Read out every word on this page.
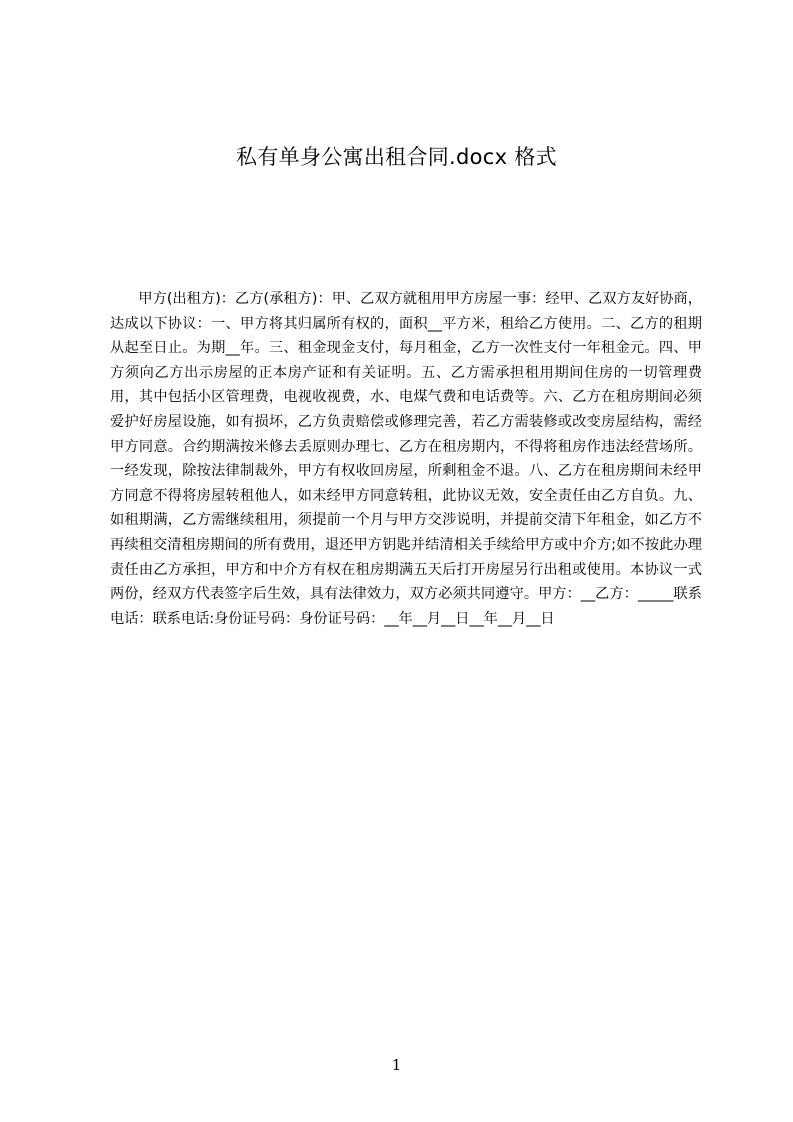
私有单身公寓出租合同.docx 格式

甲方(出租方)：乙方(承租方)：甲、乙双方就租用甲方房屋一事：经甲、乙双方友好协商，达成以下协议：一、甲方将其归属所有权的，面积__平方米，租给乙方使用。二、乙方的租期从起至日止。为期__年。三、租金现金支付，每月租金，乙方一次性支付一年租金元。四、甲方须向乙方出示房屋的正本房产证和有关证明。五、乙方需承担租用期间住房的一切管理费用，其中包括小区管理费，电视收视费，水、电煤气费和电话费等。六、乙方在租房期间必须爱护好房屋设施，如有损坏，乙方负责赔偿或修理完善，若乙方需装修或改变房屋结构，需经甲方同意。合约期满按米修去丢原则办理七、乙方在租房期内，不得将租房作违法经营场所。一经发现，除按法律制裁外，甲方有权收回房屋，所剩租金不退。八、乙方在租房期间未经甲方同意不得将房屋转租他人，如未经甲方同意转租，此协议无效，安全责任由乙方自负。九、如租期满，乙方需继续租用，须提前一个月与甲方交涉说明，并提前交清下年租金，如乙方不再续租交清租房期间的所有费用，退还甲方钥匙并结清相关手续给甲方或中介方;如不按此办理责任由乙方承担，甲方和中介方有权在租房期满五天后打开房屋另行出租或使用。本协议一式两份，经双方代表签字后生效，具有法律效力，双方必须共同遵守。甲方：__乙方：_____联系电话：联系电话:身份证号码：身份证号码：__年__月__日__年__月__日

1
